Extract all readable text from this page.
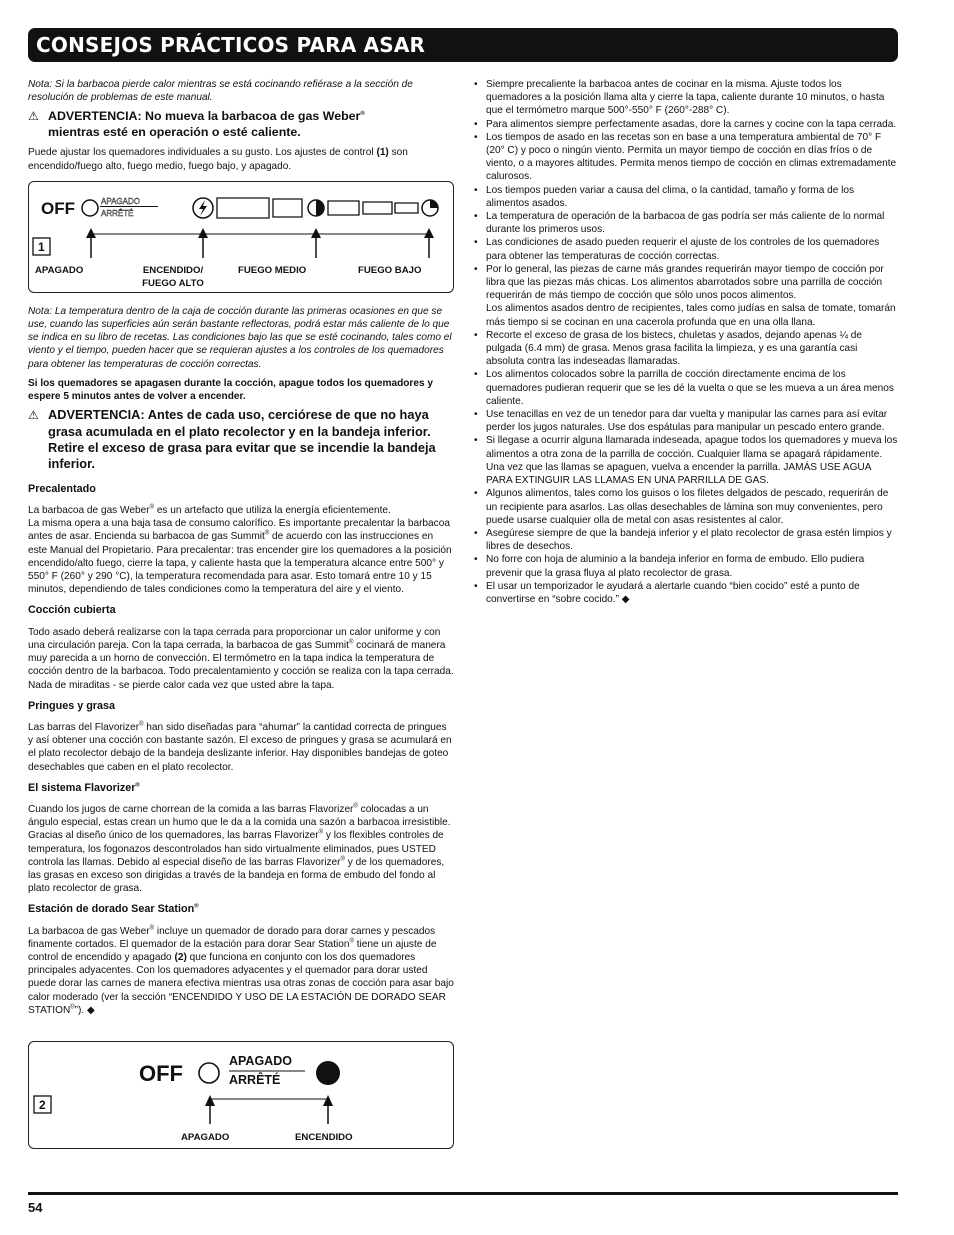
CONSEJOS PRÁCTICOS PARA ASAR

Nota: Si la barbacoa pierde calor mientras se está cocinando refiérase a la sección de resolución de problemas de este manual.

⚠ ADVERTENCIA: No mueva la barbacoa de gas Weber®
mientras esté en operación o esté caliente.

Puede ajustar los quemadores individuales a su gusto. Los ajustes de control (1) son encendido/fuego alto, fuego medio, fuego bajo, y apagado.

OFF	APAGADO
ARRÊTÉ
1
APAGADO	ENCENDIDO/
FUEGO ALTO
FUEGO MEDIO	FUEGO BAJO

Nota: La temperatura dentro de la caja de cocción durante las primeras ocasiones en que se use, cuando las superficies aún serán bastante reflectoras, podrá estar más caliente de lo que se indica en su libro de recetas. Las condiciones bajo las que se esté cocinando, tales como el viento y el tiempo, pueden hacer que se requieran ajustes a los controles de los quemadores para obtener las temperaturas de cocción correctas.

Si los quemadores se apagasen durante la cocción, apague todos los quemadores y espere 5 minutos antes de volver a encender.

⚠ ADVERTENCIA: Antes de cada uso, cerciórese de que no haya grasa acumulada en el plato recolector y en la bandeja inferior. Retire el exceso de grasa para evitar que se incendie la bandeja inferior.

Precalentado

La barbacoa de gas Weber® es un artefacto que utiliza la energía eficientemente.
La misma opera a una baja tasa de consumo calorífico. Es importante precalentar la barbacoa antes de asar. Encienda su barbacoa de gas Summit® de acuerdo con las instrucciones en este Manual del Propietario. Para precalentar: tras encender gire los quemadores a la posición encendido/alto fuego, cierre la tapa, y caliente hasta que la temperatura alcance entre 500° y 550° F (260° y 290 °C), la temperatura recomendada para asar. Esto tomará entre 10 y 15 minutos, dependiendo de tales condiciones como la temperatura del aire y el viento.

Cocción cubierta

Todo asado deberá realizarse con la tapa cerrada para proporcionar un calor uniforme y con una circulación pareja. Con la tapa cerrada, la barbacoa de gas Summit® cocinará de manera muy parecida a un horno de convección. El termómetro en la tapa indica la temperatura de cocción dentro de la barbacoa. Todo precalentamiento y cocción se realiza con la tapa cerrada. Nada de miraditas - se pierde calor cada vez que usted abre la tapa.

Pringues y grasa

Las barras del Flavorizer® han sido diseñadas para “ahumar” la cantidad correcta de pringues y así obtener una cocción con bastante sazón. El exceso de pringues y grasa se acumulará en el plato recolector debajo de la bandeja deslizante inferior. Hay disponibles bandejas de goteo desechables que caben en el plato recolector.

El sistema Flavorizer®

Cuando los jugos de carne chorrean de la comida a las barras Flavorizer® colocadas a un ángulo especial, estas crean un humo que le da a la comida una sazón a barbacoa irresistible. Gracias al diseño único de los quemadores, las barras Flavorizer® y los flexibles controles de temperatura, los fogonazos descontrolados han sido virtualmente eliminados, pues USTED controla las llamas. Debido al especial diseño de las barras Flavorizer® y de los quemadores, las grasas en exceso son dirigidas a través de la bandeja en forma de embudo del fondo al plato recolector de grasa.

Estación de dorado Sear Station®

La barbacoa de gas Weber® incluye un quemador de dorado para dorar carnes y pescados finamente cortados. El quemador de la estación para dorar Sear Station® tiene un ajuste de control de encendido y apagado (2) que funciona en conjunto con los dos quemadores principales adyacentes. Con los quemadores adyacentes y el quemador para dorar usted puede dorar las carnes de manera efectiva mientras usa otras zonas de cocción para asar bajo calor moderado (ver la sección “ENCENDIDO Y USO DE LA ESTACIÓN DE DORADO SEAR STATION®”). ◆

OFF
2
APAGADO
ARRÊTÉ
APAGADO	ENCENDIDO
• Siempre precaliente la barbacoa antes de cocinar en la misma. Ajuste todos los quemadores a la posición llama alta y cierre la tapa, caliente durante 10 minutos, o hasta que el termómetro marque 500°-550° F (260°-288° C).
• Para alimentos siempre perfectamente asadas, dore la carnes y cocine con la tapa cerrada.
• Los tiempos de asado en las recetas son en base a una temperatura ambiental de 70° F (20° C) y poco o ningún viento. Permita un mayor tiempo de cocción en días fríos o de viento, o a mayores altitudes. Permita menos tiempo de cocción en climas extremadamente calurosos.
• Los tiempos pueden variar a causa del clima, o la cantidad, tamaño y forma de los alimentos asados.
• La temperatura de operación de la barbacoa de gas podría ser más caliente de lo normal durante los primeros usos.
• Las condiciones de asado pueden requerir el ajuste de los controles de los quemadores para obtener las temperaturas de cocción correctas.
• Por lo general, las piezas de carne más grandes requerirán mayor tiempo de cocción por libra que las piezas más chicas. Los alimentos abarrotados sobre una parrilla de cocción requerirán de más tiempo de cocción que sólo unos pocos alimentos.
Los alimentos asados dentro de recipientes, tales como judías en salsa de tomate, tomarán más tiempo si se cocinan en una cacerola profunda que en una olla llana.
• Recorte el exceso de grasa de los bistecs, chuletas y asados, dejando apenas ¼ de pulgada (6.4 mm) de grasa. Menos grasa facilita la limpieza, y es una garantía casi absoluta contra las indeseadas llamaradas.
• Los alimentos colocados sobre la parrilla de cocción directamente encima de los quemadores pudieran requerir que se les dé la vuelta o que se les mueva a un área menos caliente.
• Use tenacillas en vez de un tenedor para dar vuelta y manipular las carnes para así evitar perder los jugos naturales. Use dos espátulas para manipular un pescado entero grande.
• Si llegase a ocurrir alguna llamarada indeseada, apague todos los quemadores y mueva los alimentos a otra zona de la parrilla de cocción. Cualquier llama se apagará rápidamente. Una vez que las llamas se apaguen, vuelva a encender la parrilla. JAMÁS USE AGUA PARA EXTINGUIR LAS LLAMAS EN UNA PARRILLA DE GAS.
• Algunos alimentos, tales como los guisos o los filetes delgados de pescado, requerirán de un recipiente para asarlos. Las ollas desechables de lámina son muy convenientes, pero puede usarse cualquier olla de metal con asas resistentes al calor.
• Asegúrese siempre de que la bandeja inferior y el plato recolector de grasa estén limpios y libres de desechos.
• No forre con hoja de aluminio a la bandeja inferior en forma de embudo. Ello pudiera prevenir que la grasa fluya al plato recolector de grasa.
• El usar un temporizador le ayudará a alertarle cuando “bien cocido” esté a punto de convertirse en “sobre cocido.” ◆
54
